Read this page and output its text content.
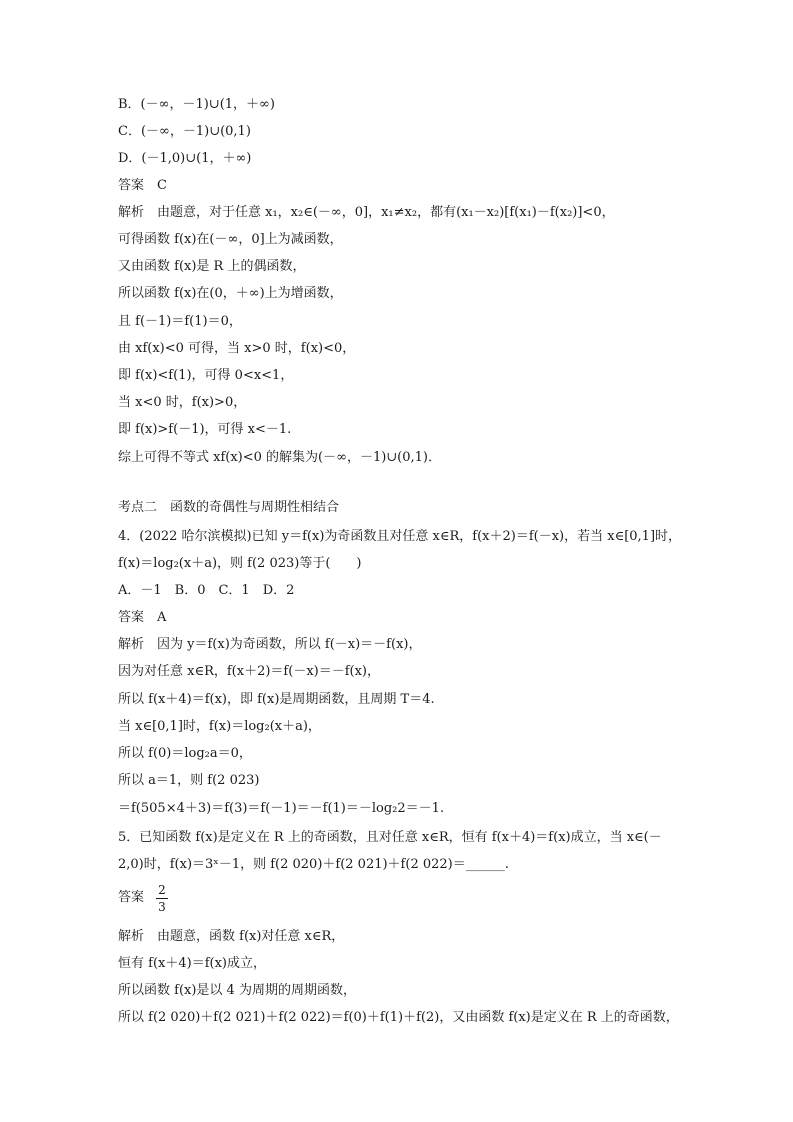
B．(－∞，－1)∪(1，＋∞)
C．(－∞，－1)∪(0,1)
D．(－1,0)∪(1，＋∞)
答案　C
解析　由题意，对于任意 x₁，x₂∈(－∞，0]，x₁≠x₂，都有(x₁－x₂)[f(x₁)－f(x₂)]<0，
可得函数 f(x)在(－∞，0]上为减函数，
又由函数 f(x)是 R 上的偶函数，
所以函数 f(x)在(0，＋∞)上为增函数，
且 f(－1)＝f(1)＝0，
由 xf(x)<0 可得，当 x>0 时，f(x)<0，
即 f(x)<f(1)，可得 0<x<1，
当 x<0 时，f(x)>0，
即 f(x)>f(－1)，可得 x<－1.
综上可得不等式 xf(x)<0 的解集为(－∞，－1)∪(0,1)．
考点二　函数的奇偶性与周期性相结合
4．(2022 哈尔滨模拟)已知 y＝f(x)为奇函数且对任意 x∈R，f(x＋2)＝f(－x)，若当 x∈[0,1]时，
f(x)＝log₂(x＋a)，则 f(2 023)等于(　　)
A．－1　B．0　C．1　D．2
答案　A
解析　因为 y＝f(x)为奇函数，所以 f(－x)＝－f(x)，
因为对任意 x∈R，f(x＋2)＝f(－x)＝－f(x)，
所以 f(x＋4)＝f(x)，即 f(x)是周期函数，且周期 T＝4.
当 x∈[0,1]时，f(x)＝log₂(x＋a)，
所以 f(0)＝log₂a＝0，
所以 a＝1，则 f(2 023)
＝f(505×4＋3)＝f(3)＝f(－1)＝－f(1)＝－log₂2＝－1.
5．已知函数 f(x)是定义在 R 上的奇函数，且对任意 x∈R，恒有 f(x＋4)＝f(x)成立，当 x∈(－
2,0)时，f(x)＝3ˣ－1，则 f(2 020)＋f(2 021)＋f(2 022)＝______.
答案 2
3
解析　由题意，函数 f(x)对任意 x∈R，
恒有 f(x＋4)＝f(x)成立，
所以函数 f(x)是以 4 为周期的周期函数，
所以 f(2 020)＋f(2 021)＋f(2 022)＝f(0)＋f(1)＋f(2)，又由函数 f(x)是定义在 R 上的奇函数，
